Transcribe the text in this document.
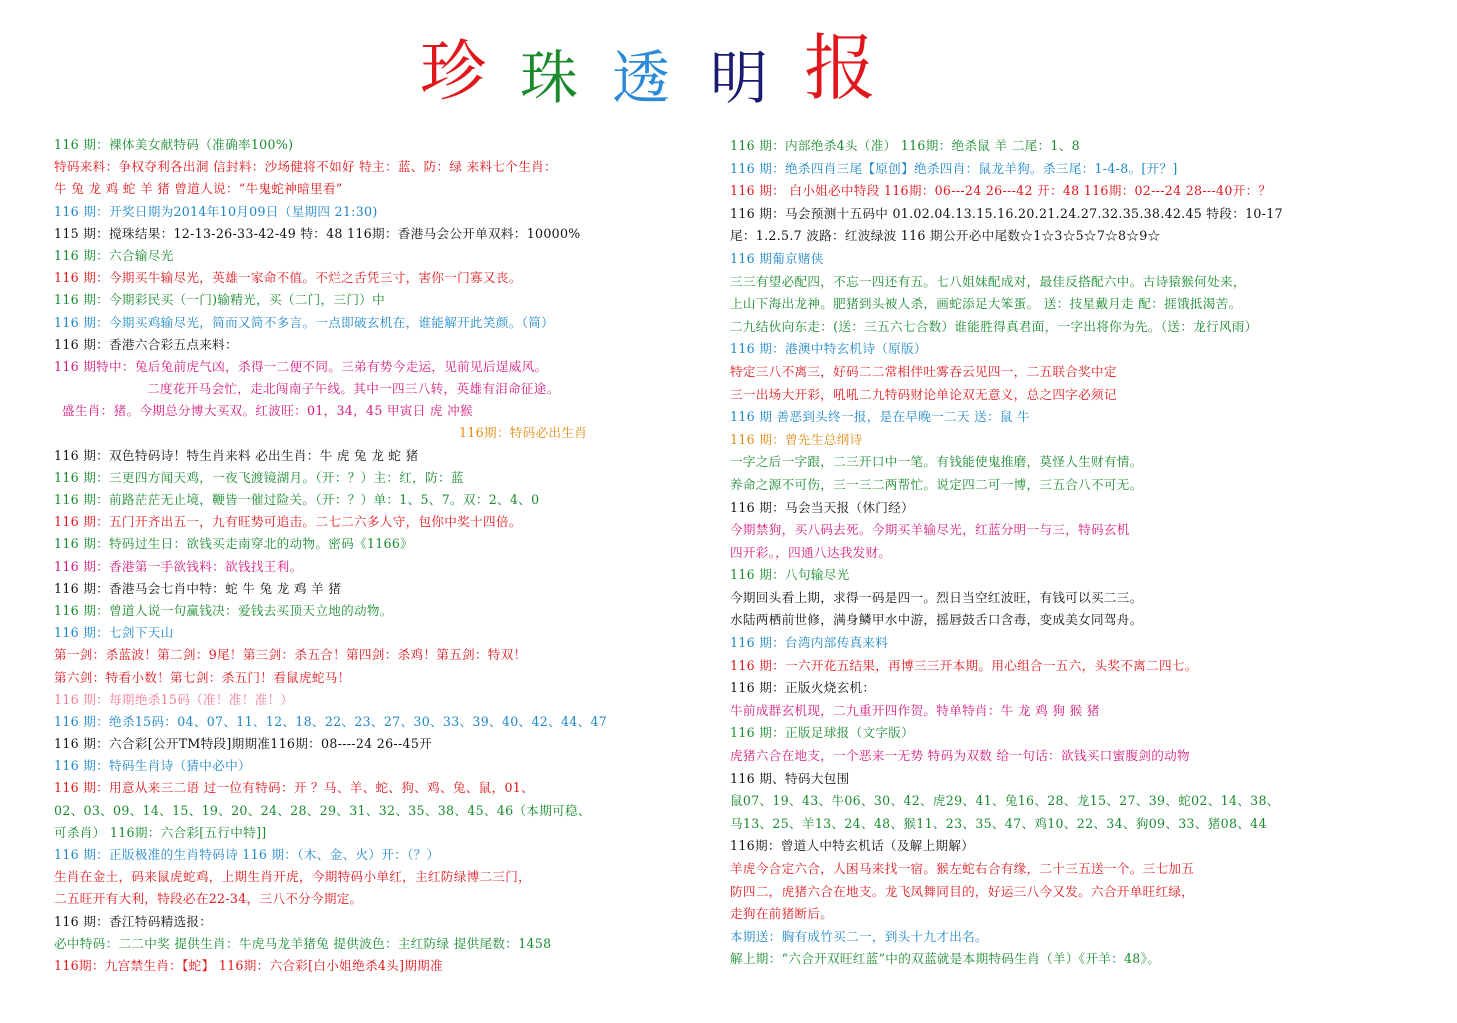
珍 珠 透 明 报
116 期：裸体美女献特码（准确率100%)
特码来料：争权夺利各出洞 信封料：沙场健将不如好 特主：蓝、防：绿 来料七个生肖：
牛 兔 龙 鸡 蛇 羊 猪 曾道人说：“牛鬼蛇神暗里看”
116 期：开奖日期为2014年10月09日（星期四 21:30)
115 期：搅珠结果：12-13-26-33-42-49 特：48 116期：香港马会公开单双料：10000%
116 期：六合输尽光
116 期：今期买牛输尽光，英雄一家命不值。不烂之舌凭三寸，害你一门寡又丧。
116 期：今期彩民买（一门)输精光，买（二门，三门）中
116 期：今期买鸡输尽光，简而又简不多言。一点即破玄机在，谁能解开此笑颜。（简）
116 期：香港六合彩五点来料：
116 期特中：兔后兔前虎气凶，杀得一二便不同。三弟有势今走运，见前见后逞威风。
二度花开马会忙，走北闯南子午线。其中一四三八转，英雄有泪命征途。
盛生肖：猪。今期总分博大买双。红波旺：01，34，45 甲寅日 虎 冲猴
116期：特码必出生肖
116 期：双色特码诗！特生肖来料 必出生肖：牛 虎 兔 龙 蛇 猪
116 期：三更四方闻天鸡，一夜飞渡镜湖月。（开：？）主：红，防：蓝
116 期：前路茫茫无止境，鞭皆一催过险关。（开：？）单：1、5、7。双：2、4、0
116 期：五门开齐出五一，九有旺势可追击。二七二六多人守，包你中奖十四倍。
116 期：特码过生日：欲钱买走南穿北的动物。密码《1166》
116 期：香港第一手欲钱料：欲钱找王利。
116 期：香港马会七肖中特：蛇 牛 兔 龙 鸡 羊 猪
116 期：曾道人说一句赢钱决：爱钱去买顶天立地的动物。
116 期：七剑下天山
第一剑：杀蓝波！第二剑：9尾！第三剑：杀五合！第四剑：杀鸡！第五剑：特双！
第六剑：特看小数！第七剑：杀五门！看鼠虎蛇马！
116 期：每期绝杀15码（准！准！准！）
116 期：绝杀15码：04、07、11、12、18、22、23、27、30、33、39、40、42、44、47
116 期：六合彩[公开TM特段]期期准116期：08----24 26--45开
116 期：特码生肖诗（猜中必中）
116 期：用意从来三二语 过一位有特码：开 ？马、羊、蛇、狗、鸡、兔、鼠，01、
02、03、09、14、15、19、20、24、28、29、31、32、35、38、45、46（本期可稳、
可杀肖） 116期：六合彩[五行中特]]
116 期：正版极准的生肖特码诗 116 期：（木、金、火）开：（？）
生肖在金土，码来鼠虎蛇鸡，上期生肖开虎，今期特码小单红，主红防绿博二三门，
二五旺开有大利，特段必在22-34，三八不分今期定。
116 期：香江特码精选报：
必中特码：二二中奖 提供生肖：牛虎马龙羊猪兔 提供波色：主红防绿 提供尾数：1458
116期：九宫禁生肖：【蛇】 116期：六合彩[白小姐绝杀4头]期期准
116 期：内部绝杀4头（准） 116期：绝杀鼠 羊 二尾：1、8
116 期：绝杀四肖三尾【原创】绝杀四肖：鼠龙羊狗。杀三尾：1-4-8。[开？]
116 期： 白小姐必中特段 116期：06---24 26---42 开：48 116期：02---24 28---40开：？
116 期：马会预测十五码中 01.02.04.13.15.16.20.21.24.27.32.35.38.42.45 特段：10-17
尾：1.2.5.7 波路：红波绿波 116 期公开必中尾数☆1☆3☆5☆7☆8☆9☆
116 期葡京赌侠
三三有望必配四，不忘一四还有五。七八姐妹配成对，最佳反搭配六中。古诗猿猴何处来，
上山下海出龙神。肥猪到头被人杀，画蛇添足大笨蛋。 送：技星戴月走 配：捱饿抵渴苦。
二九结伙向东走：(送：三五六七合数）谁能胜得真君面，一字出将你为先。（送：龙行风雨）
116 期：港澳中特玄机诗（原版）
特定三八不离三，好码二二常相伴吐雾吞云见四一，二五联合奖中定
三一出场大开彩，吼吼二九特码财论单论双无意义，总之四字必须记
116 期 善恶到头终一报，是在早晚一二天 送：鼠 牛
116 期：曾先生总纲诗
一字之后一字跟，二三开口中一笔。有钱能使鬼推磨，莫怪人生财有情。
养命之源不可伤，三一三二两帮忙。说定四二可一博，三五合八不可无。
116 期：马会当天报（休门经）
今期禁狗，买八码去死。今期买羊输尽光，红蓝分明一与三，特码玄机
四开彩。，四通八达我发财。
116 期：八句输尽光
今期回头看上期，求得一码是四一。烈日当空红波旺，有钱可以买二三。
水陆两栖前世修，满身鳞甲水中游，摇唇鼓舌口含毒，变成美女同驾舟。
116 期：台湾内部传真来料
116 期：一六开花五结果，再博三三开本期。用心组合一五六，头奖不离二四七。
116 期：正版火烧玄机：
牛前成群玄机现，二九重开四作贺。特单特肖：牛 龙 鸡 狗 猴 猪
116 期：正版足球报（文字版）
虎猪六合在地支，一个恶来一无势 特码为双数 给一句话：欲钱买口蜜腹剑的动物
116 期、特码大包围
鼠07、19、43、牛06、30、42、虎29、41、兔16、28、龙15、27、39、蛇02、14、38、
马13、25、羊13、24、48、猴11、23、35、47、鸡10、22、34、狗09、33、猪08、44
116期：曾道人中特玄机话（及解上期解）
羊虎今合定六合，人困马来找一宿。猴左蛇右合有缘，二十三五送一个。三七加五
防四二，虎猪六合在地支。龙飞凤舞同目的，好运三八今又发。六合开单旺红绿，
走狗在前猪断后。
本期送：胸有成竹买二一，到头十九才出名。
解上期：“六合开双旺红蓝”中的双蓝就是本期特码生肖（羊）《开羊：48》。
